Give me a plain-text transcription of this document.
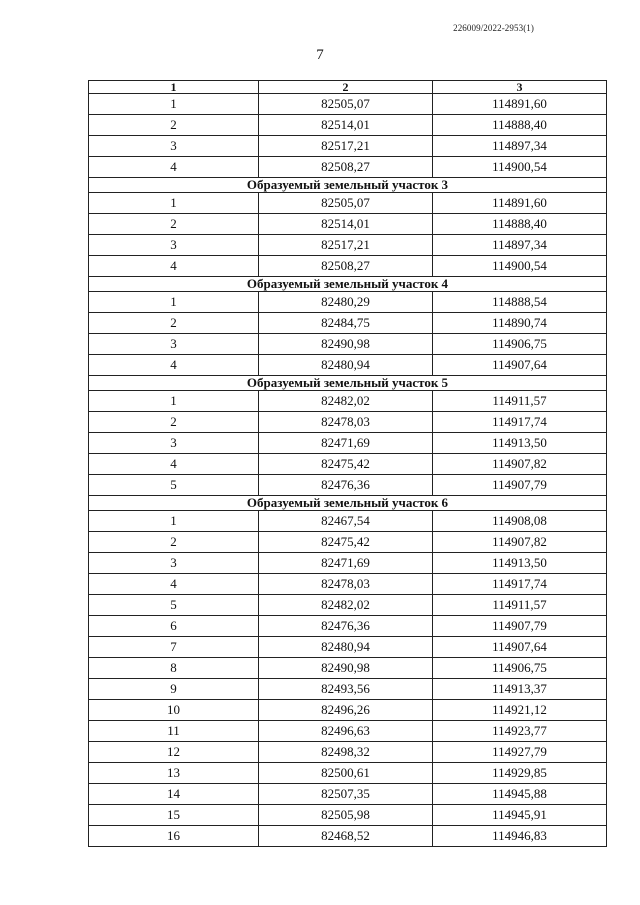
226009/2022-2953(1)
7
1	2	3
1	82505,07	114891,60
2	82514,01	114888,40
3	82517,21	114897,34
4	82508,27	114900,54
Образуемый земельный участок 3		
1	82505,07	114891,60
2	82514,01	114888,40
3	82517,21	114897,34
4	82508,27	114900,54
Образуемый земельный участок 4		
1	82480,29	114888,54
2	82484,75	114890,74
3	82490,98	114906,75
4	82480,94	114907,64
Образуемый земельный участок 5		
1	82482,02	114911,57
2	82478,03	114917,74
3	82471,69	114913,50
4	82475,42	114907,82
5	82476,36	114907,79
Образуемый земельный участок 6		
1	82467,54	114908,08
2	82475,42	114907,82
3	82471,69	114913,50
4	82478,03	114917,74
5	82482,02	114911,57
6	82476,36	114907,79
7	82480,94	114907,64
8	82490,98	114906,75
9	82493,56	114913,37
10	82496,26	114921,12
11	82496,63	114923,77
12	82498,32	114927,79
13	82500,61	114929,85
14	82507,35	114945,88
15	82505,98	114945,91
16	82468,52	114946,83
